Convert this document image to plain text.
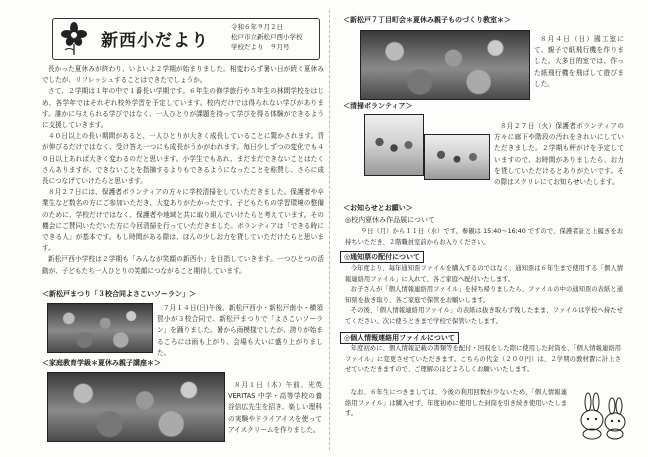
新西小だより
令和６年９月２日
松戸市立新松戸西小学校
学校だより　９月号

長かった夏休みが終わり、いよいよ２学期が始まりました。相変わらず暑い日が続く夏休みでしたが、リフレッシュすることはできたでしょうか。

さて、２学期は１年の中で１番長い学期です。６年生の修学旅行や５年生の林間学校をはじめ、各学年ではそれぞれ校外学習を予定しています。校内だけでは得られない学びがあります。誰かに与えられる学びではなく、一人ひとりが課題を持って学びを得る体験ができるように支援していきます。

４０日以上の長い期間があると、一人ひとりが大きく成長していることに驚かされます。背が伸びるだけではなく、受け答え一つにも成長がうかがわれます。毎日少しずつの変化でも４０日以上あれば大きく変わるのだと思います。小学生でもあれ、まだまだできないことはたくさんありますが、できないことを指摘するよりもできるようになったことを称賛し、さらに成長につなげていけたらと思います。

８月２７日には、保護者ボランティアの方々に学校清掃をしていただきました。保護者や卒業生など数名の方にご参加いただき、大変ありがたかったです。子どもたちの学習環境の整備のために、学校だけではなく、保護者や地域と共に取り組んでいけたらと考えています。その機会にご賛同いただいた方に今回清掃を行っていただきました。ボランティアは「できる時にできる人」が基本です。もし時間がある際は、ほんの少しお力を貸していただけたらと思います。

新松戸西小学校は２学期も「みんなが笑顔の新西小」を目指していきます。一つひとつの活動が、子どもたち一人ひとりの笑顔につながること期待しています。

＜新松戸まつり「３校合同よさこいソーラン」＞

７月１４日(日)午後、新松戸西小・新松戸南小・横須賀小が３校合同で、新松戸まつりで「よさこいソーラン」を踊りました。暑から雨模様でしたが、誇りが始まるころには雨も上がり、会場も大いに盛り上がりました。

＜家庭教育学級＊夏休み親子講座＊＞

８月１日（木）午前、光英 VERITAS 中学・高等学校の養谷信広先生を招き、楽しい理科の実験やドライアイスを使ってアイスクリームを作りました。

＜新松戸７丁目町会＊夏休み親子ものづくり教室＊＞

８月４日（日）國工室にて、親子で紙飛行機を作りました。大多目的室では、作った紙飛行機を飛ばして遊びました。

＜清掃ボランティア＞

８月２７日（火）保護者ボランティアの方々に廊下や階段の汚れをきれいにしていただきました。２学期も秤がけを予定していますので、お時間がありましたら、お力を貸していただけるとありがたいです。その際はスクリレにてお知らせいたします。

＜お知らせとお願い＞
◎校内夏休み作品展について

９日（月）から１１日（水）です。参観は 15:40～16:40 ですので、保護者証と上履きをお持ちいただき、２階職員室前からお入りください。

◎通知票の配付について

今年度より、毎年通知票ファイルを購入するのではなく、通知票は６年生まで使用する「個人情報連絡用ファイル」に入れて、各ご家庭へ配付いたします。

お子さんが「個人情報連絡用ファイル」を持ち帰りましたら、ファイルの中の通知票の表紙と通知票を抜き取り、各ご家庭で保管をお願いします。

その後、「個人情報連絡用ファイル」の表紙は抜き取らず残したまま、ファイルは学校へ持たせてください。次に使うときまで学校で保管いたします。

◎個人情報連絡用ファイルについて

年度初めに、個人情報記載の書類等を配付・回収をした際に使用した封筒を、「個人情報連絡用ファイル」に変更させていただきます。こちらの代金（２００円）は、２学期の教材費に計上させていただきますので、ご理解のほどよろしくお願いいたします。

なお、６年生につきましては、今後の利用回数が少ないため、「個人情報連絡用ファイル」は購入せず、年度初めに使用した封筒を引き続き使用いたします。
